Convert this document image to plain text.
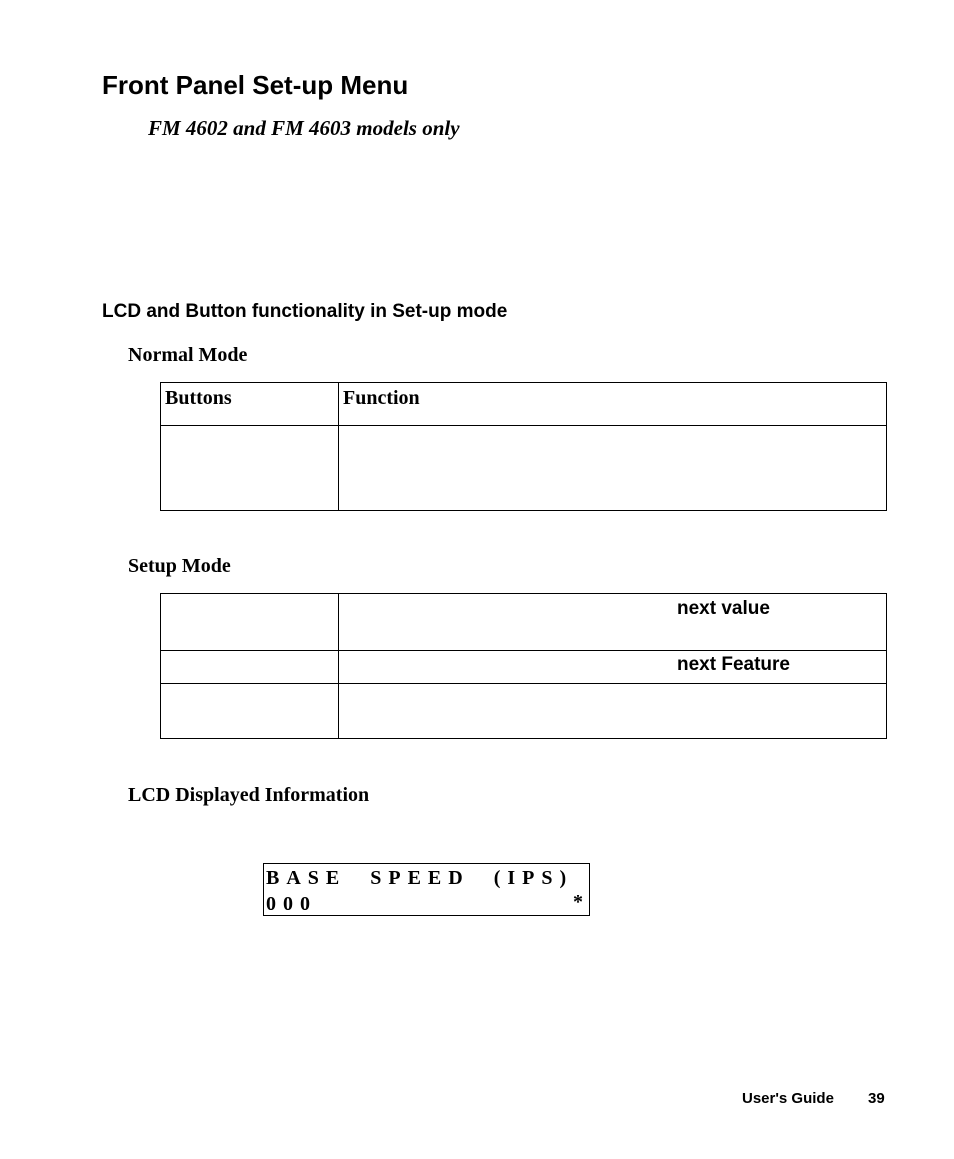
Front Panel Set-up Menu
FM 4602 and FM 4603 models only
LCD and Button functionality in Set-up mode
Normal Mode
Buttons	Function

Setup Mode

	next value

	next Feature

LCD Displayed Information
BASE  SPEED  (IPS)
000	*
User's Guide 39
